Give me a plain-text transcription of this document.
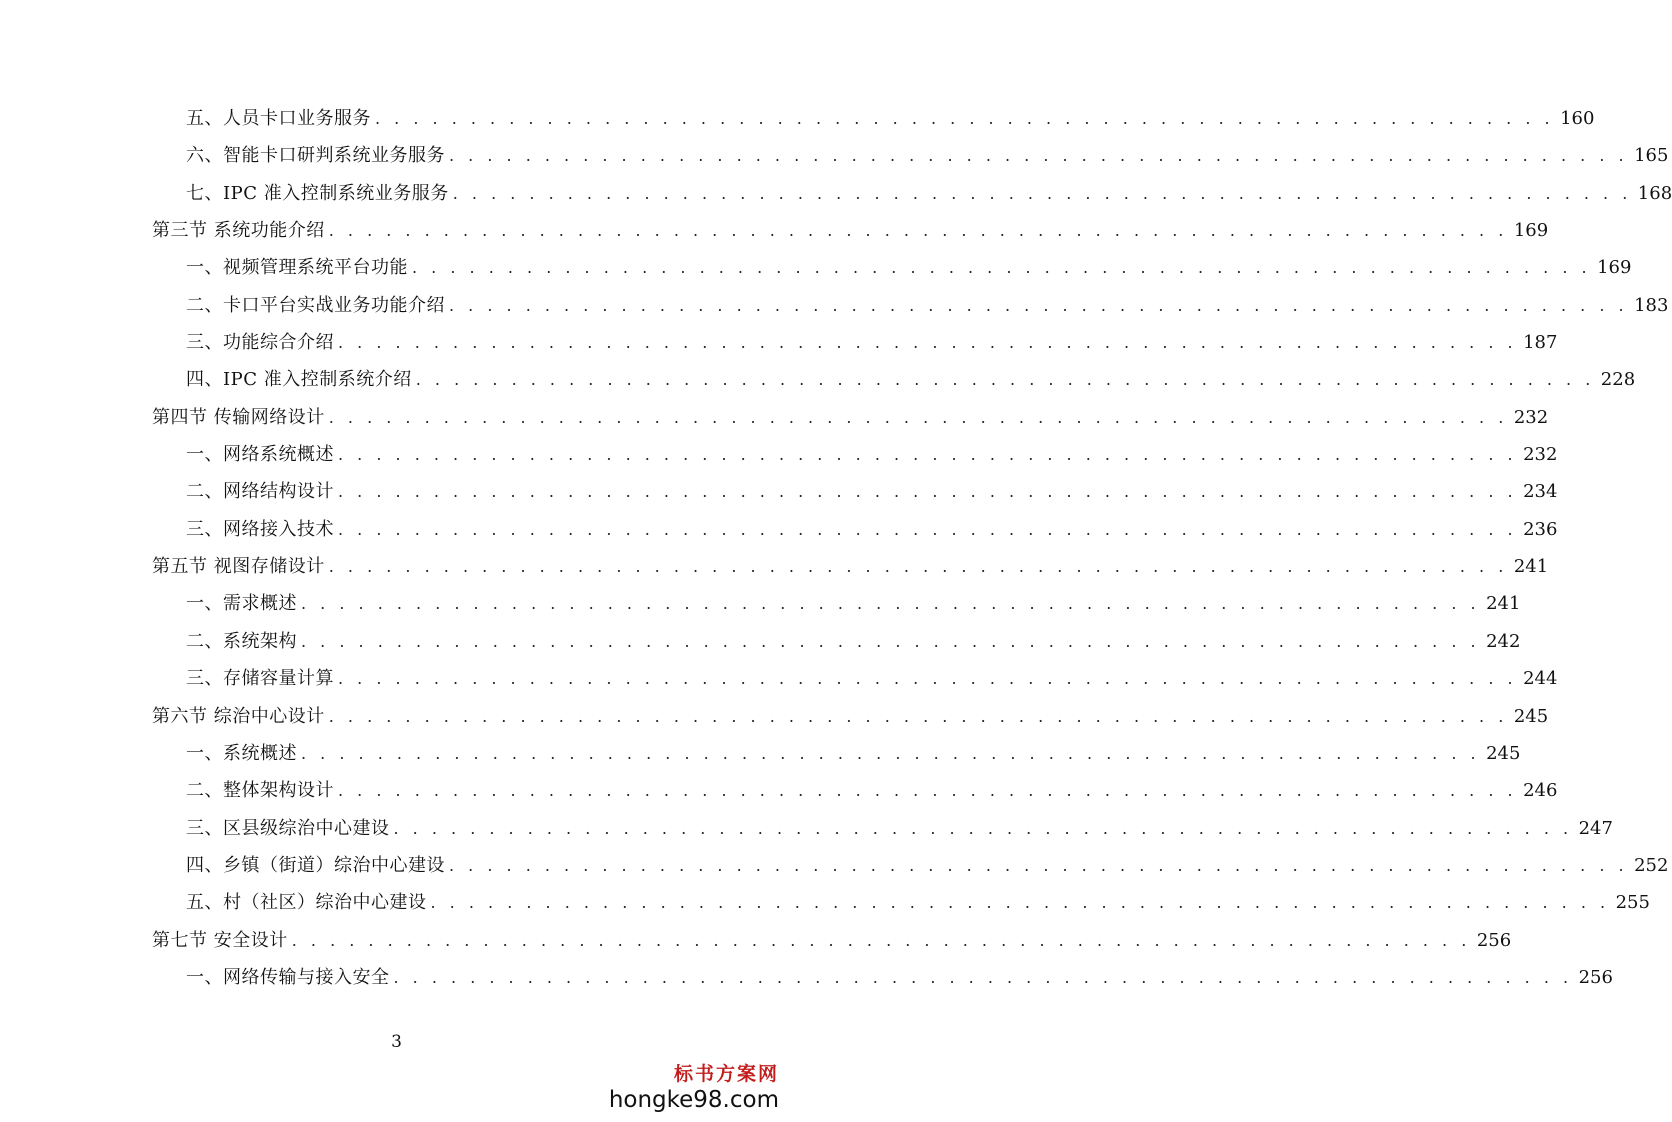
五、人员卡口业务服务 . . . . . . . . . . . . . . . . . . . . . . . . . . . . . . . . . . . . . . . . . . . . . . . . . . . . . . . . . . . . . . 160
六、智能卡口研判系统业务服务 . . . . . . . . . . . . . . . . . . . . . . . . . . . . . . . . . . . . . . . . . . . . . . . . . . . . . . . . . . . . . . 165
七、IPC 准入控制系统业务服务 . . . . . . . . . . . . . . . . . . . . . . . . . . . . . . . . . . . . . . . . . . . . . . . . . . . . . . . . . . . . . . 168
第三节 系统功能介绍 . . . . . . . . . . . . . . . . . . . . . . . . . . . . . . . . . . . . . . . . . . . . . . . . . . . . . . . . . . . . . . 169
一、视频管理系统平台功能 . . . . . . . . . . . . . . . . . . . . . . . . . . . . . . . . . . . . . . . . . . . . . . . . . . . . . . . . . . . . . . 169
二、卡口平台实战业务功能介绍 . . . . . . . . . . . . . . . . . . . . . . . . . . . . . . . . . . . . . . . . . . . . . . . . . . . . . . . . . . . . . . 183
三、功能综合介绍 . . . . . . . . . . . . . . . . . . . . . . . . . . . . . . . . . . . . . . . . . . . . . . . . . . . . . . . . . . . . . . 187
四、IPC 准入控制系统介绍 . . . . . . . . . . . . . . . . . . . . . . . . . . . . . . . . . . . . . . . . . . . . . . . . . . . . . . . . . . . . . . 228
第四节 传输网络设计 . . . . . . . . . . . . . . . . . . . . . . . . . . . . . . . . . . . . . . . . . . . . . . . . . . . . . . . . . . . . . . 232
一、网络系统概述 . . . . . . . . . . . . . . . . . . . . . . . . . . . . . . . . . . . . . . . . . . . . . . . . . . . . . . . . . . . . . . 232
二、网络结构设计 . . . . . . . . . . . . . . . . . . . . . . . . . . . . . . . . . . . . . . . . . . . . . . . . . . . . . . . . . . . . . . 234
三、网络接入技术 . . . . . . . . . . . . . . . . . . . . . . . . . . . . . . . . . . . . . . . . . . . . . . . . . . . . . . . . . . . . . . 236
第五节 视图存储设计 . . . . . . . . . . . . . . . . . . . . . . . . . . . . . . . . . . . . . . . . . . . . . . . . . . . . . . . . . . . . . . 241
一、需求概述 . . . . . . . . . . . . . . . . . . . . . . . . . . . . . . . . . . . . . . . . . . . . . . . . . . . . . . . . . . . . . . 241
二、系统架构 . . . . . . . . . . . . . . . . . . . . . . . . . . . . . . . . . . . . . . . . . . . . . . . . . . . . . . . . . . . . . . 242
三、存储容量计算 . . . . . . . . . . . . . . . . . . . . . . . . . . . . . . . . . . . . . . . . . . . . . . . . . . . . . . . . . . . . . . 244
第六节 综治中心设计 . . . . . . . . . . . . . . . . . . . . . . . . . . . . . . . . . . . . . . . . . . . . . . . . . . . . . . . . . . . . . . 245
一、系统概述 . . . . . . . . . . . . . . . . . . . . . . . . . . . . . . . . . . . . . . . . . . . . . . . . . . . . . . . . . . . . . . 245
二、整体架构设计 . . . . . . . . . . . . . . . . . . . . . . . . . . . . . . . . . . . . . . . . . . . . . . . . . . . . . . . . . . . . . . 246
三、区县级综治中心建设 . . . . . . . . . . . . . . . . . . . . . . . . . . . . . . . . . . . . . . . . . . . . . . . . . . . . . . . . . . . . . . 247
四、乡镇（街道）综治中心建设 . . . . . . . . . . . . . . . . . . . . . . . . . . . . . . . . . . . . . . . . . . . . . . . . . . . . . . . . . . . . . . 252
五、村（社区）综治中心建设 . . . . . . . . . . . . . . . . . . . . . . . . . . . . . . . . . . . . . . . . . . . . . . . . . . . . . . . . . . . . . . 255
第七节 安全设计 . . . . . . . . . . . . . . . . . . . . . . . . . . . . . . . . . . . . . . . . . . . . . . . . . . . . . . . . . . . . . . 256
一、网络传输与接入安全 . . . . . . . . . . . . . . . . . . . . . . . . . . . . . . . . . . . . . . . . . . . . . . . . . . . . . . . . . . . . . . 256
3
标书方案网
hongke98.com
